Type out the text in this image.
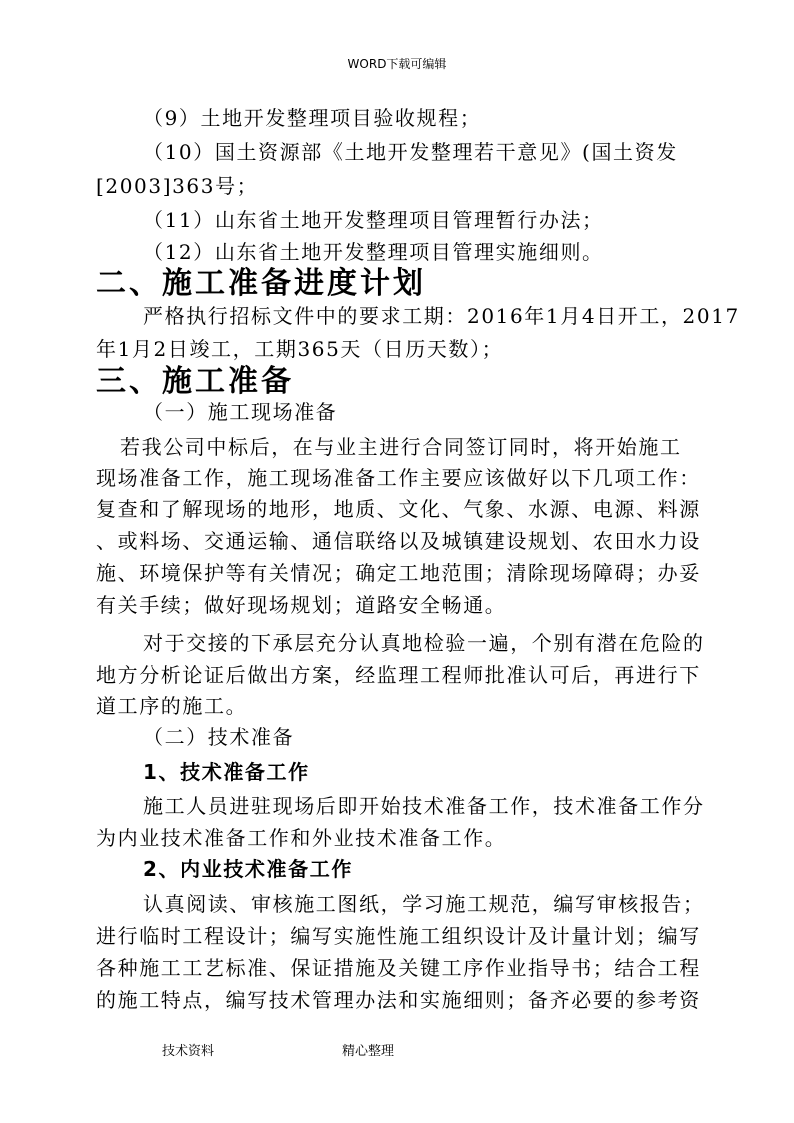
WORD下载可编辑
（9）土地开发整理项目验收规程；
（10）国土资源部《土地开发整理若干意见》(国土资发
[2003]363号；
（11）山东省土地开发整理项目管理暂行办法；
（12）山东省土地开发整理项目管理实施细则。
二、施工准备进度计划
严格执行招标文件中的要求工期：2016年1月4日开工，2017
年1月2日竣工，工期365天（日历天数）；
三、施工准备
（一）施工现场准备
若我公司中标后，在与业主进行合同签订同时，将开始施工
现场准备工作，施工现场准备工作主要应该做好以下几项工作：
复查和了解现场的地形，地质、文化、气象、水源、电源、料源
、或料场、交通运输、通信联络以及城镇建设规划、农田水力设
施、环境保护等有关情况；确定工地范围；清除现场障碍；办妥
有关手续；做好现场规划；道路安全畅通。
对于交接的下承层充分认真地检验一遍，个别有潜在危险的
地方分析论证后做出方案，经监理工程师批准认可后，再进行下
道工序的施工。
（二）技术准备
1、技术准备工作
施工人员进驻现场后即开始技术准备工作，技术准备工作分
为内业技术准备工作和外业技术准备工作。
2、内业技术准备工作
认真阅读、审核施工图纸，学习施工规范，编写审核报告；
进行临时工程设计；编写实施性施工组织设计及计量计划；编写
各种施工工艺标准、保证措施及关键工序作业指导书；结合工程
的施工特点，编写技术管理办法和实施细则；备齐必要的参考资
技术资料	精心整理
